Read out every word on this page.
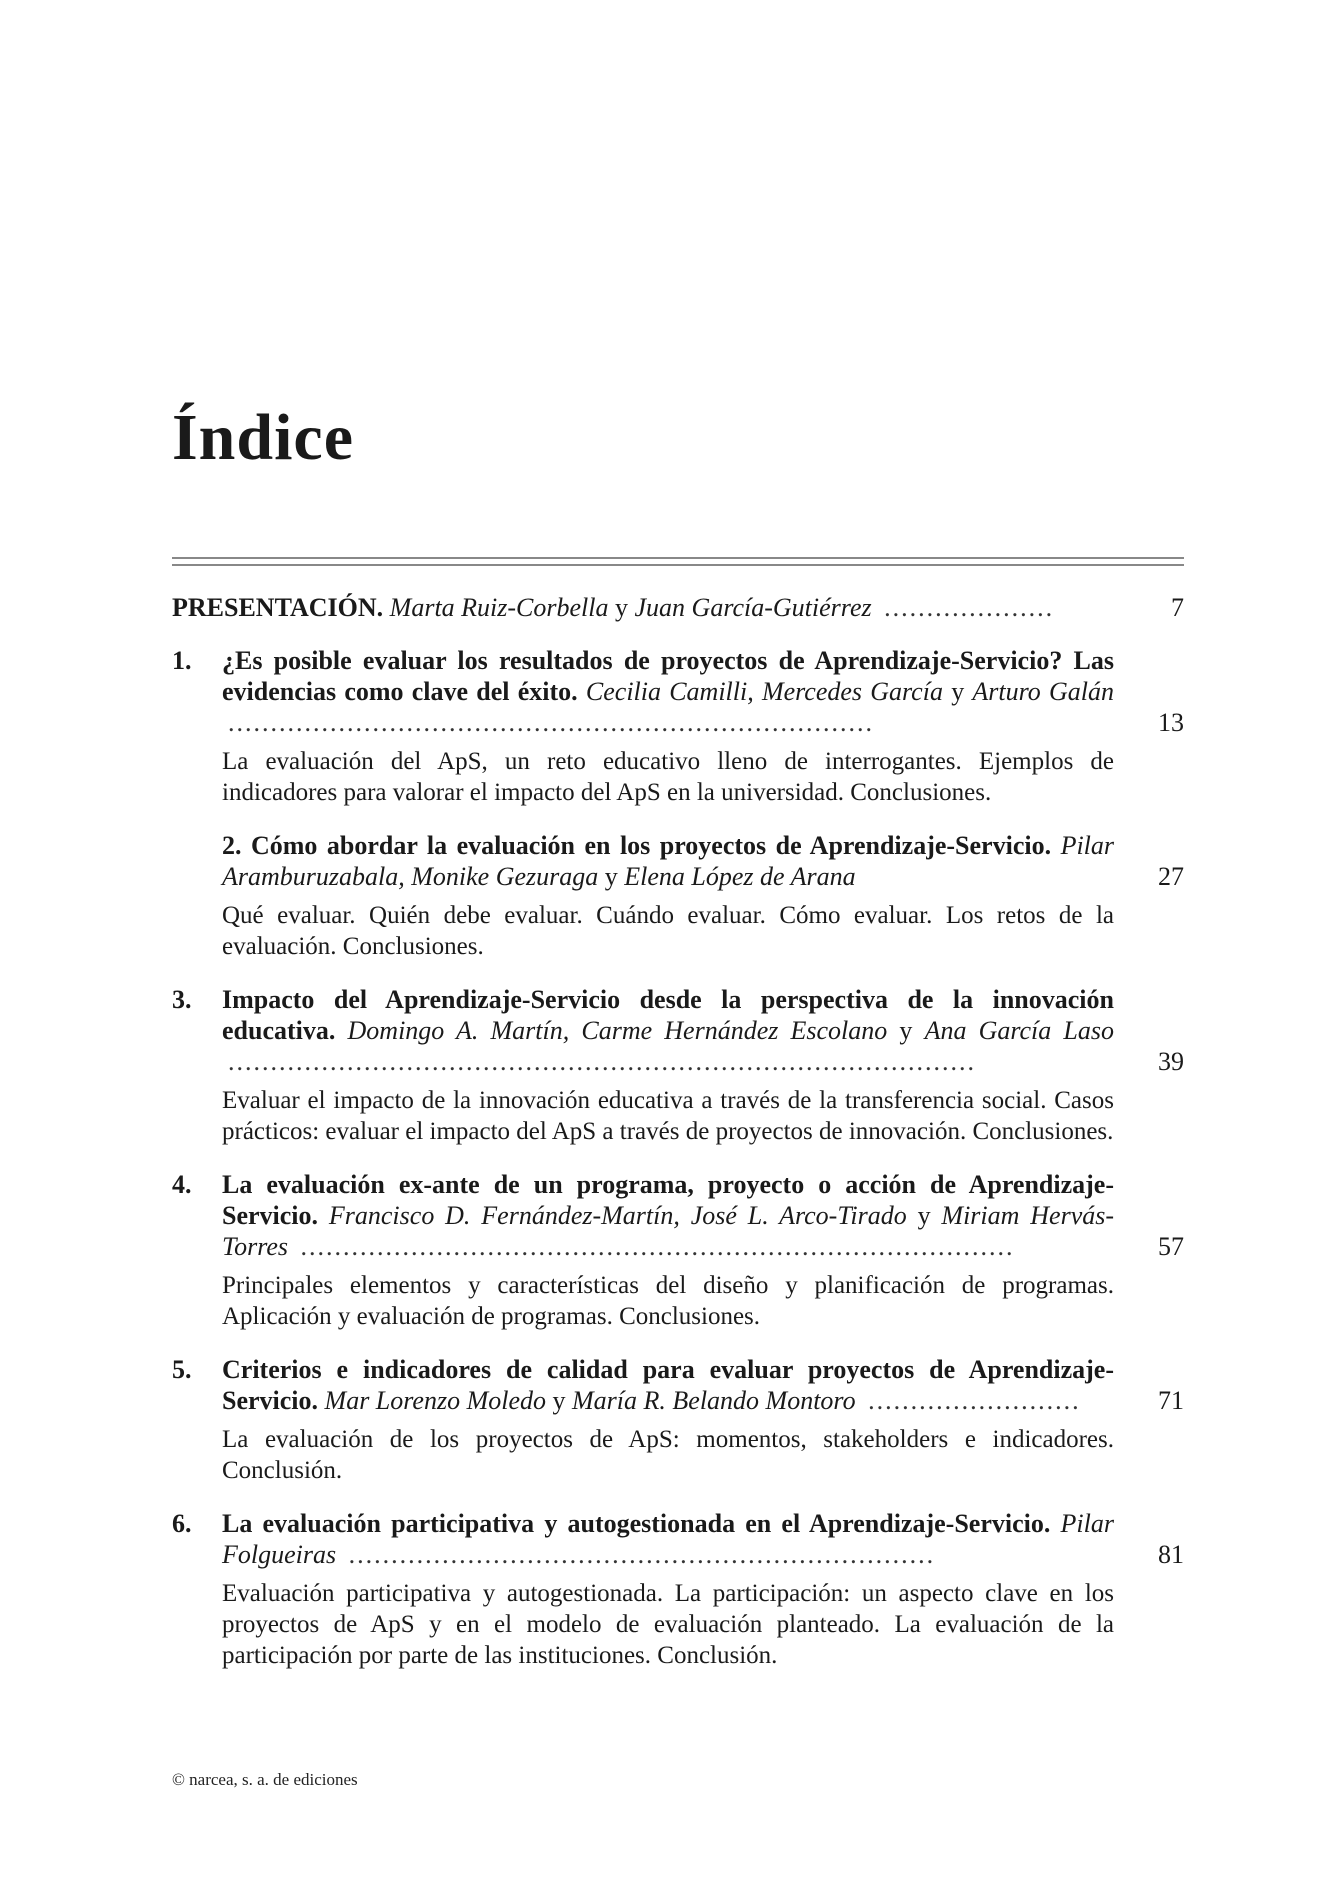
Índice
PRESENTACIÓN. Marta Ruiz-Corbella y Juan García-Gutiérrez ....................	7
1. ¿Es posible evaluar los resultados de proyectos de Aprendizaje-Servicio? Las evidencias como clave del éxito. Cecilia Camilli, Mercedes García y Arturo Galán ............................................................................	13
La evaluación del ApS, un reto educativo lleno de interrogantes. Ejemplos de indicadores para valorar el impacto del ApS en la universidad. Conclusiones.
2. Cómo abordar la evaluación en los proyectos de Aprendizaje-Servicio. Pilar Aramburuzabala, Monike Gezuraga y Elena López de Arana	27
Qué evaluar. Quién debe evaluar. Cuándo evaluar. Cómo evaluar. Los retos de la evaluación. Conclusiones.
3. Impacto del Aprendizaje-Servicio desde la perspectiva de la innovación educativa. Domingo A. Martín, Carme Hernández Escolano y Ana García Laso ........................................................................................	39
Evaluar el impacto de la innovación educativa a través de la transferencia social. Casos prácticos: evaluar el impacto del ApS a través de proyectos de innovación. Conclusiones.
4. La evaluación ex-ante de un programa, proyecto o acción de Aprendizaje-Servicio. Francisco D. Fernández-Martín, José L. Arco-Tirado y Miriam Hervás-Torres ....................................................................................	57
Principales elementos y características del diseño y planificación de programas. Aplicación y evaluación de programas. Conclusiones.
5. Criterios e indicadores de calidad para evaluar proyectos de Aprendizaje-Servicio. Mar Lorenzo Moledo y María R. Belando Montoro .........................	71
La evaluación de los proyectos de ApS: momentos, stakeholders e indicadores. Conclusión.
6. La evaluación participativa y autogestionada en el Aprendizaje-Servicio. Pilar Folgueiras .....................................................................	81
Evaluación participativa y autogestionada. La participación: un aspecto clave en los proyectos de ApS y en el modelo de evaluación planteado. La evaluación de la participación por parte de las instituciones. Conclusión.
© narcea, s. a. de ediciones
